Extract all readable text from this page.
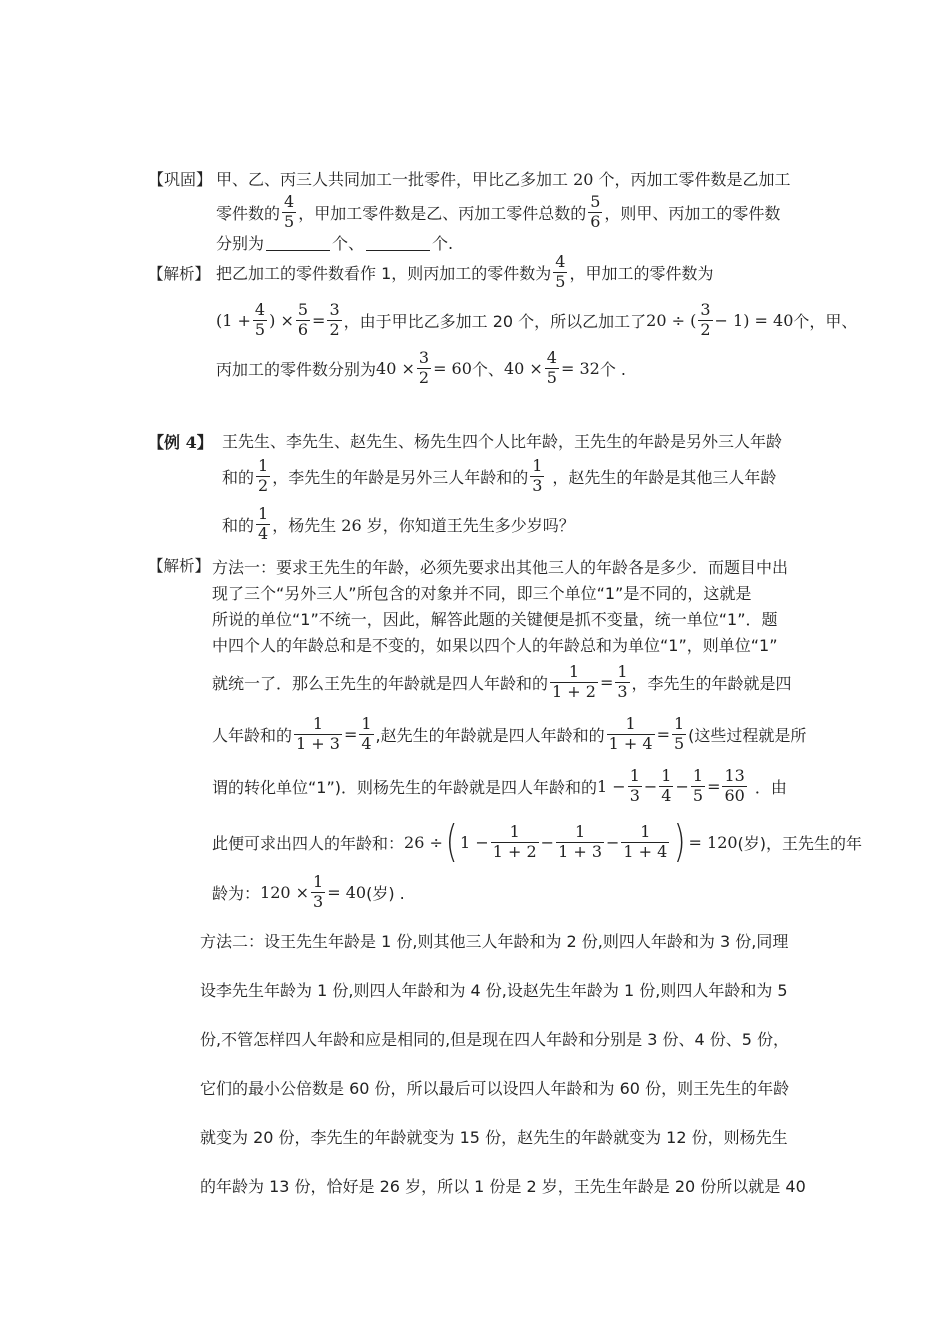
【巩固】 甲、乙、丙三人共同加工一批零件，甲比乙多加工 20 个，丙加工零件数是乙加工
零件数的 $\frac{4}{5}$ ，甲加工零件数是乙、丙加工零件总数的 $\frac{5}{6}$ ，则甲、丙加工的零件数
分别为	个、	个.
【解析】 把乙加工的零件数看作 1，则丙加工的零件数为 $\frac{4}{5}$ ，甲加工的零件数为
($1 + \frac{4}{5}$ ) × $\frac{5}{6} = \frac{3}{2}$ ，由于甲比乙多加工 20 个，所以乙加工了 20 ÷ ( $\frac{3}{2} - 1) = 40$ 个，甲、
丙加工的零件数分别为 $40 \times \frac{3}{2} = 60$ 个、 $40 \times \frac{4}{5} = 32$ 个 .
【例 4】 王先生、李先生、赵先生、杨先生四个人比年龄，王先生的年龄是另外三人年龄
和的 $\frac{1}{2}$ ，李先生的年龄是另外三人年龄和的 $\frac{1}{3}$ ，赵先生的年龄是其他三人年龄
和的 $\frac{1}{4}$ ，杨先生 26 岁，你知道王先生多少岁吗？
【解析】 方法一：要求王先生的年龄，必须先要求出其他三人的年龄各是多少．而题目中出
现了三个“另外三人”所包含的对象并不同，即三个单位“1”是不同的，这就是
所说的单位“1”不统一，因此，解答此题的关键便是抓不变量，统一单位“1”．题
中四个人的年龄总和是不变的，如果以四个人的年龄总和为单位“1”，则单位“1”
就统一了．那么王先生的年龄就是四人年龄和的 $\frac{1}{1 + 2} = \frac{1}{3}$ ，李先生的年龄就是四
人年龄和的 $\frac{1}{1 + 3} = \frac{1}{4}$ ,赵先生的年龄就是四人年龄和的 $\frac{1}{1 + 4} = \frac{1}{5}$ (这些过程就是所
谓的转化单位“1”)．则杨先生的年龄就是四人年龄和的 $1 - \frac{1}{3} - \frac{1}{4} - \frac{1}{5} = \frac{13}{60}$ ．由
此便可求出四人的年龄和： 26 ÷ ( $1 - \frac{1}{1 + 2} - \frac{1}{1 + 3} - \frac{1}{1 + 4}$ ) = 120 (岁)，王先生的年
龄为： $120 \times \frac{1}{3} = 40$ (岁) .
方法二：设王先生年龄是 1 份,则其他三人年龄和为 2 份,则四人年龄和为 3 份,同理
设李先生年龄为 1 份,则四人年龄和为 4 份,设赵先生年龄为 1 份,则四人年龄和为 5
份,不管怎样四人年龄和应是相同的,但是现在四人年龄和分别是 3 份、4 份、5 份，
它们的最小公倍数是 60 份，所以最后可以设四人年龄和为 60 份，则王先生的年龄
就变为 20 份，李先生的年龄就变为 15 份，赵先生的年龄就变为 12 份，则杨先生
的年龄为 13 份，恰好是 26 岁，所以 1 份是 2 岁，王先生年龄是 20 份所以就是 40
